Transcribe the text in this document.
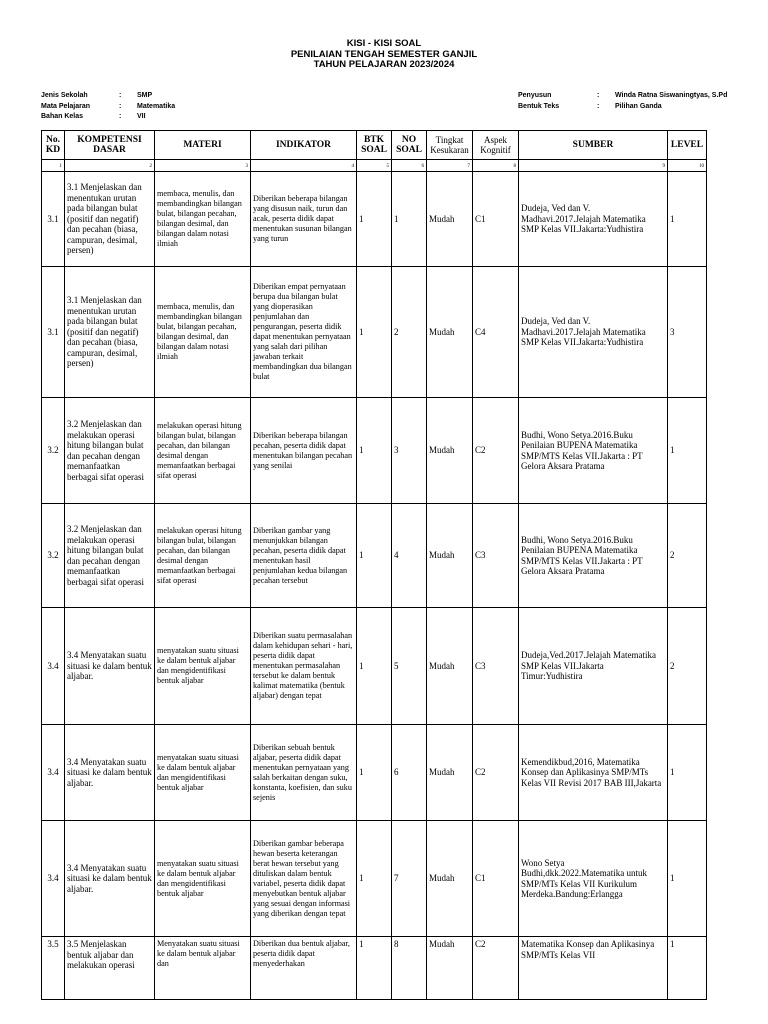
KISI - KISI SOAL
PENILAIAN TENGAH SEMESTER GANJIL
TAHUN PELAJARAN 2023/2024
Jenis Sekolah	:	SMP
Mata Pelajaran	:	Matematika
Bahan Kelas	:	VII
Penyusun	:	Winda Ratna Siswaningtyas, S.Pd
Bentuk Teks	:	Pilihan Ganda
No. KD	KOMPETENSI DASAR	MATERI	INDIKATOR	BTK SOAL	NO SOAL	Tingkat Kesukaran	Aspek Kognitif	SUMBER	LEVEL
1	2	3	4	5	6	7	8	9	10
3.1	3.1 Menjelaskan dan menentukan urutan pada bilangan bulat (positif dan negatif) dan pecahan (biasa, campuran, desimal, persen)	membaca, menulis, dan membandingkan bilangan bulat, bilangan pecahan, bilangan desimal, dan bilangan dalam notasi ilmiah	Diberikan beberapa bilangan yang disusun naik, turun dan acak, peserta didik dapat menentukan susunan bilangan yang turun	1	1	Mudah	C1	Dudeja, Ved dan V. Madhavi.2017.Jelajah Matematika SMP Kelas VII.Jakarta:Yudhistira	1
3.1	3.1 Menjelaskan dan menentukan urutan pada bilangan bulat (positif dan negatif) dan pecahan (biasa, campuran, desimal, persen)	membaca, menulis, dan membandingkan bilangan bulat, bilangan pecahan, bilangan desimal, dan bilangan dalam notasi ilmiah	Diberikan empat pernyataan berupa dua bilangan bulat yang dioperasikan penjumlahan dan pengurangan, peserta didik dapat menentukan pernyataan yang salah dari pilihan jawaban terkait membandingkan dua bilangan bulat	1	2	Mudah	C4	Dudeja, Ved dan V. Madhavi.2017.Jelajah Matematika SMP Kelas VII.Jakarta:Yudhistira	3
3.2	3.2 Menjelaskan dan melakukan operasi hitung bilangan bulat dan pecahan dengan memanfaatkan berbagai sifat operasi	melakukan operasi hitung bilangan bulat, bilangan pecahan, dan bilangan desimal dengan memanfaatkan berbagai sifat operasi	Diberikan beberapa bilangan pecahan, peserta didik dapat menentukan bilangan pecahan yang senilai	1	3	Mudah	C2	Budhi, Wono Setya.2016.Buku Penilaian BUPENA Matematika SMP/MTS Kelas VII.Jakarta : PT Gelora Aksara Pratama	1
3.2	3.2 Menjelaskan dan melakukan operasi hitung bilangan bulat dan pecahan dengan memanfaatkan berbagai sifat operasi	melakukan operasi hitung bilangan bulat, bilangan pecahan, dan bilangan desimal dengan memanfaatkan berbagai sifat operasi	Diberikan gambar yang menunjukkan bilangan pecahan, peserta didik dapat menentukan hasil penjumlahan kedua bilangan pecahan tersebut	1	4	Mudah	C3	Budhi, Wono Setya.2016.Buku Penilaian BUPENA Matematika SMP/MTS Kelas VII.Jakarta : PT Gelora Aksara Pratama	2
3.4	3.4 Menyatakan suatu situasi ke dalam bentuk aljabar.	menyatakan suatu situasi ke dalam bentuk aljabar dan mengidentifikasi bentuk aljabar	Diberikan suatu permasalahan dalam kehidupan sehari - hari, peserta didik dapat menentukan permasalahan tersebut ke dalam bentuk kalimat matematika (bentuk aljabar) dengan tepat	1	5	Mudah	C3	Dudeja,Ved.2017.Jelajah Matematika SMP Kelas VII.Jakarta Timur:Yudhistira	2
3.4	3.4 Menyatakan suatu situasi ke dalam bentuk aljabar.	menyatakan suatu situasi ke dalam bentuk aljabar dan mengidentifikasi bentuk aljabar	Diberikan sebuah bentuk aljabar, peserta didik dapat menentukan pernyataan yang salah berkaitan dengan suku, konstanta, koefisien, dan suku sejenis	1	6	Mudah	C2	Kemendikbud,2016, Matematika Konsep dan Aplikasinya SMP/MTs Kelas VII Revisi 2017 BAB III,Jakarta	1
3.4	3.4 Menyatakan suatu situasi ke dalam bentuk aljabar.	menyatakan suatu situasi ke dalam bentuk aljabar dan mengidentifikasi bentuk aljabar	Diberikan gambar beberapa hewan beserta keterangan berat hewan tersebut yang dituliskan dalam bentuk variabel, peserta didik dapat menyebutkan bentuk aljabar yang sesuai dengan informasi yang diberikan dengan tepat	1	7	Mudah	C1	Wono Setya Budhi,dkk.2022.Matematika untuk SMP/MTs Kelas VII Kurikulum Merdeka.Bandung:Erlangga	1
3.5	3.5 Menjelaskan bentuk aljabar dan melakukan operasi	Menyatakan suatu situasi ke dalam bentuk aljabar dan	Diberikan dua bentuk aljabar, peserta didik dapat menyederhakan	1	8	Mudah	C2	Matematika Konsep dan Aplikasinya SMP/MTs Kelas VII	1
